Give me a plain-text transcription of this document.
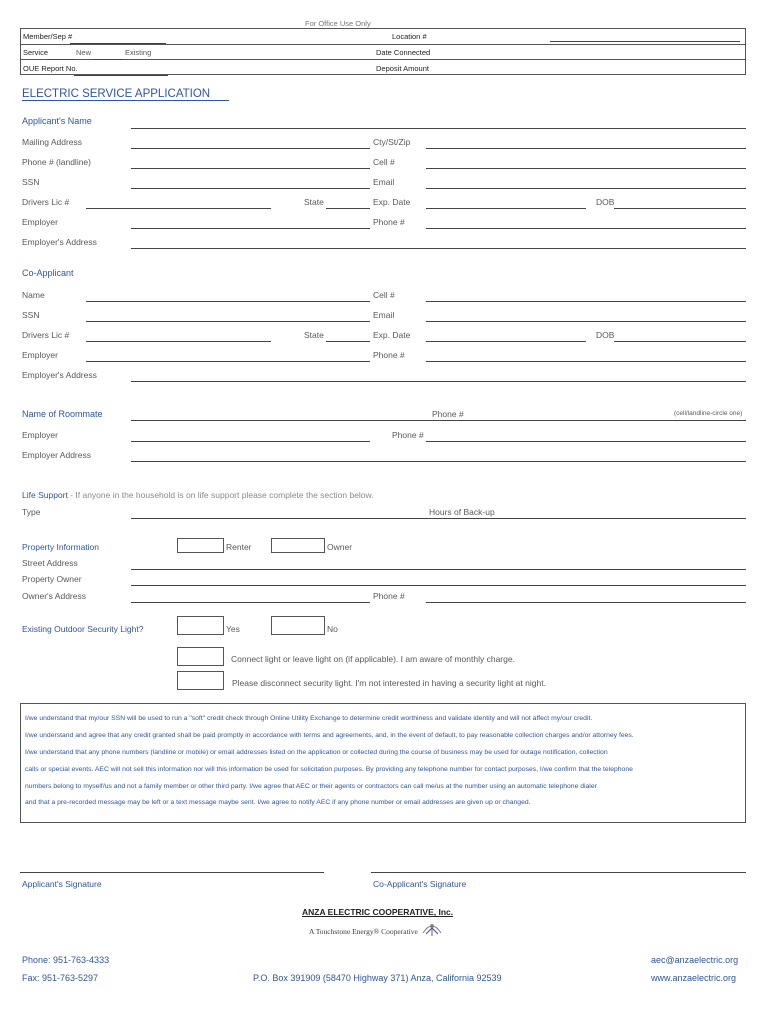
For Office Use Only
Member/Sep #	Location #
Service	New	Existing	Date Connected
OUE Report No.	Deposit Amount
ELECTRIC SERVICE APPLICATION
Applicant's Name
Mailing Address	Cty/St/Zip
Phone # (landline)	Cell #
SSN	Email
Drivers Lic #	State	Exp. Date	DOB
Employer	Phone #
Employer's Address
Co-Applicant
Name	Cell #
SSN	Email
Drivers Lic #	State	Exp. Date	DOB
Employer	Phone #
Employer's Address
Name of Roommate	Phone #	(cell/landline-circle one)
Employer	Phone #
Employer Address
Life Support - If anyone in the household is on life support please complete the section below.
Type	Hours of Back-up
Property Information	Renter	Owner
Street Address
Property Owner
Owner's Address	Phone #
Existing Outdoor Security Light?	Yes	No
Connect light or leave light on (if applicable). I am aware of monthly charge.
Please disconnect security light. I'm not interested in having a security light at night.

I/we understand that my/our SSN will be used to run a "soft" credit check through Online Utility Exchange to determine credit worthiness and validate identity and will not affect my/our credit.

I/we understand and agree that any credit granted shall be paid promptly in accordance with terms and agreements, and, in the event of default, to pay reasonable collection charges and/or attorney fees.

I/we understand that any phone numbers (landline or mobile) or email addresses listed on the application or collected during the course of business may be used for outage notification, collection

calls or special events. AEC will not sell this information nor will this information be used for solicitation purposes. By providing any telephone number for contact purposes, I/we confirm that the telephone

numbers belong to myself/us and not a family member or other third party. I/we agree that AEC or their agents or contractors can call me/us at the number using an automatic telephone dialer

and that a pre-recorded message may be left or a text message maybe sent. I/we agree to notify AEC if any phone number or email addresses are given up or changed.

Applicant's Signature	Co-Applicant's Signature
ANZA ELECTRIC COOPERATIVE, Inc.
A Touchstone Energy® Cooperative
Phone: 951-763-4333
Fax: 951-763-5297	P.O. Box 391909 (58470 Highway 371) Anza, California 92539
aec@anzaelectric.org
www.anzaelectric.org
